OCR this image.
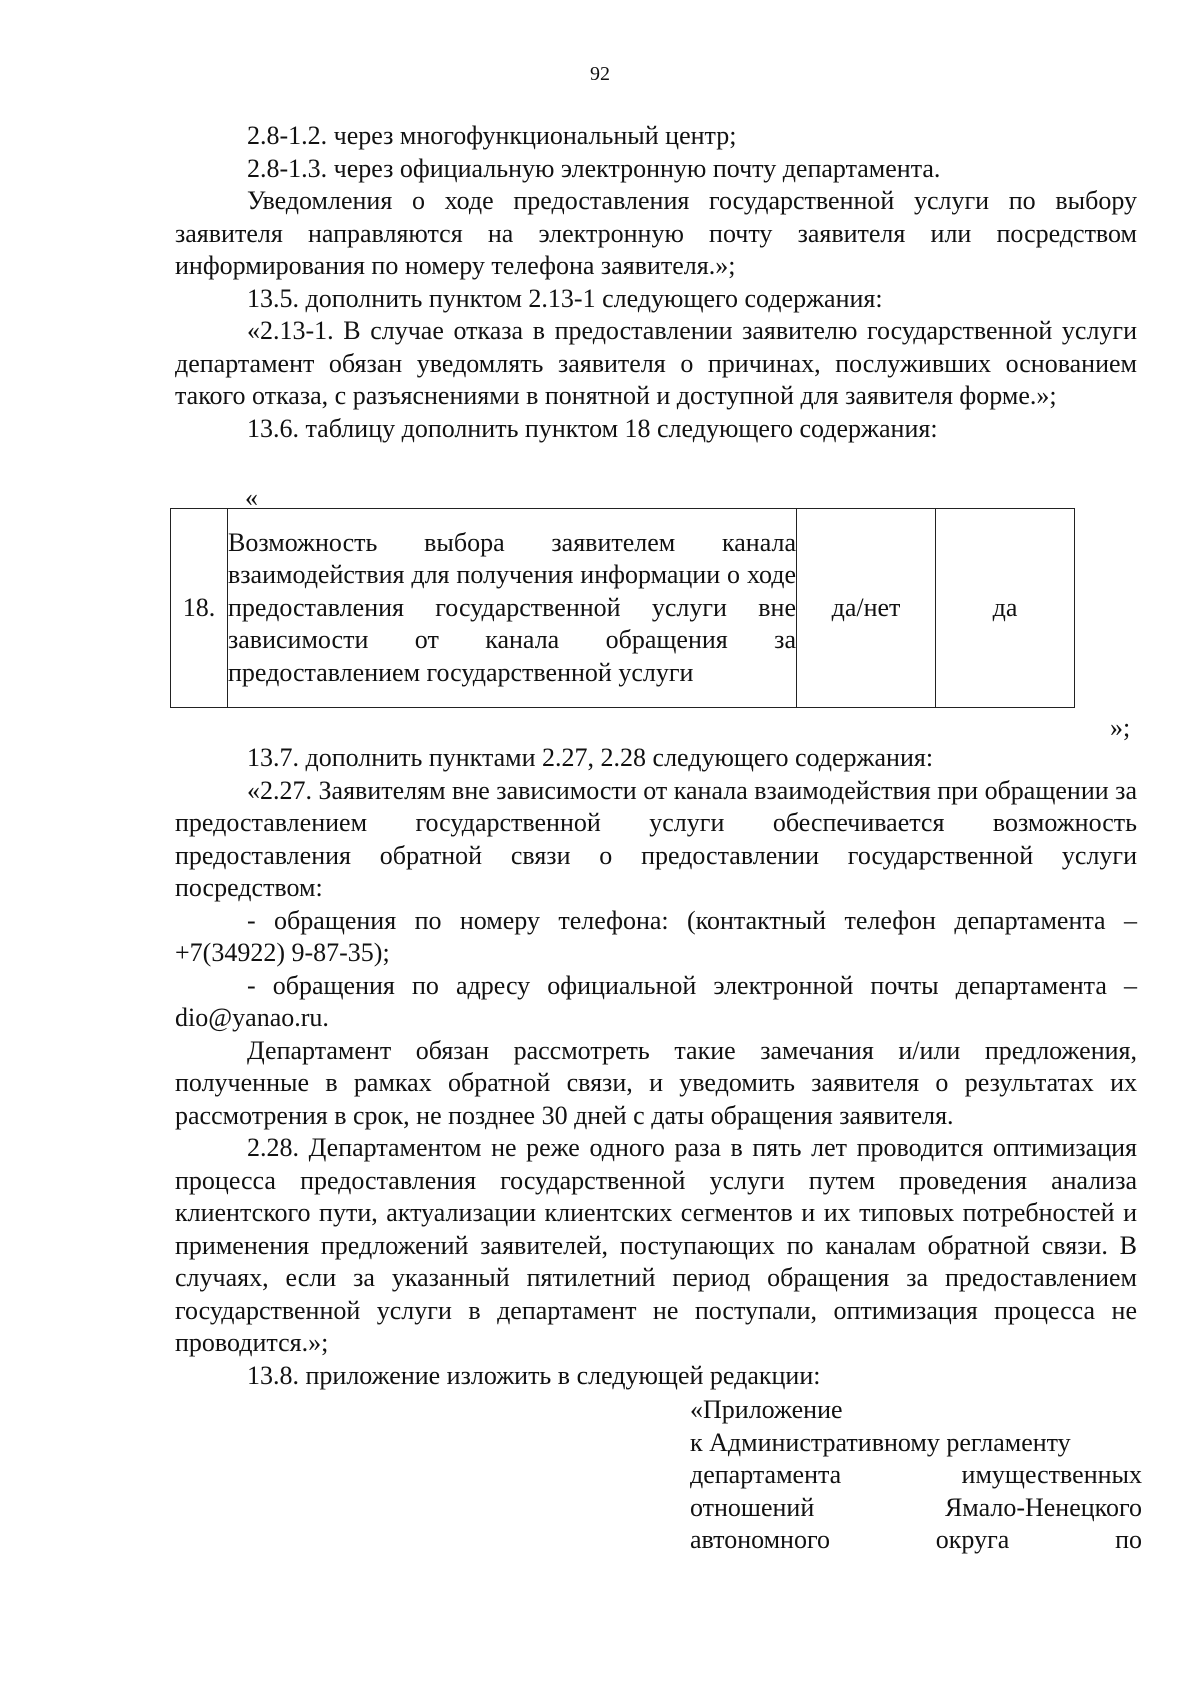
92

2.8-1.2. через многофункциональный центр;

2.8-1.3. через официальную электронную почту департамента.

Уведомления о ходе предоставления государственной услуги по выбору заявителя направляются на электронную почту заявителя или посредством информирования по номеру телефона заявителя.»;

13.5. дополнить пунктом 2.13-1 следующего содержания:

«2.13-1. В случае отказа в предоставлении заявителю государственной услуги департамент обязан уведомлять заявителя о причинах, послуживших основанием такого отказа, с разъяснениями в понятной и доступной для заявителя форме.»;

13.6. таблицу дополнить пунктом 18 следующего содержания:

«
18.	Возможность выбора заявителем канала взаимодействия для получения информации о ходе предоставления государственной услуги вне зависимости от канала обращения за предоставлением государственной услуги	да/нет	да
»;

13.7. дополнить пунктами 2.27, 2.28 следующего содержания:

«2.27. Заявителям вне зависимости от канала взаимодействия при обращении за предоставлением государственной услуги обеспечивается возможность предоставления обратной связи о предоставлении государственной услуги посредством:

- обращения по номеру телефона: (контактный телефон департамента – +7(34922) 9-87-35);

- обращения по адресу официальной электронной почты департамента – dio@yanao.ru.

Департамент обязан рассмотреть такие замечания и/или предложения, полученные в рамках обратной связи, и уведомить заявителя о результатах их рассмотрения в срок, не позднее 30 дней с даты обращения заявителя.

2.28. Департаментом не реже одного раза в пять лет проводится оптимизация процесса предоставления государственной услуги путем проведения анализа клиентского пути, актуализации клиентских сегментов и их типовых потребностей и применения предложений заявителей, поступающих по каналам обратной связи. В случаях, если за указанный пятилетний период обращения за предоставлением государственной услуги в департамент не поступали, оптимизация процесса не проводится.»;

13.8. приложение изложить в следующей редакции:

«Приложение

к Административному регламенту

департамента имущественных

отношений Ямало-Ненецкого

автономного округа по
